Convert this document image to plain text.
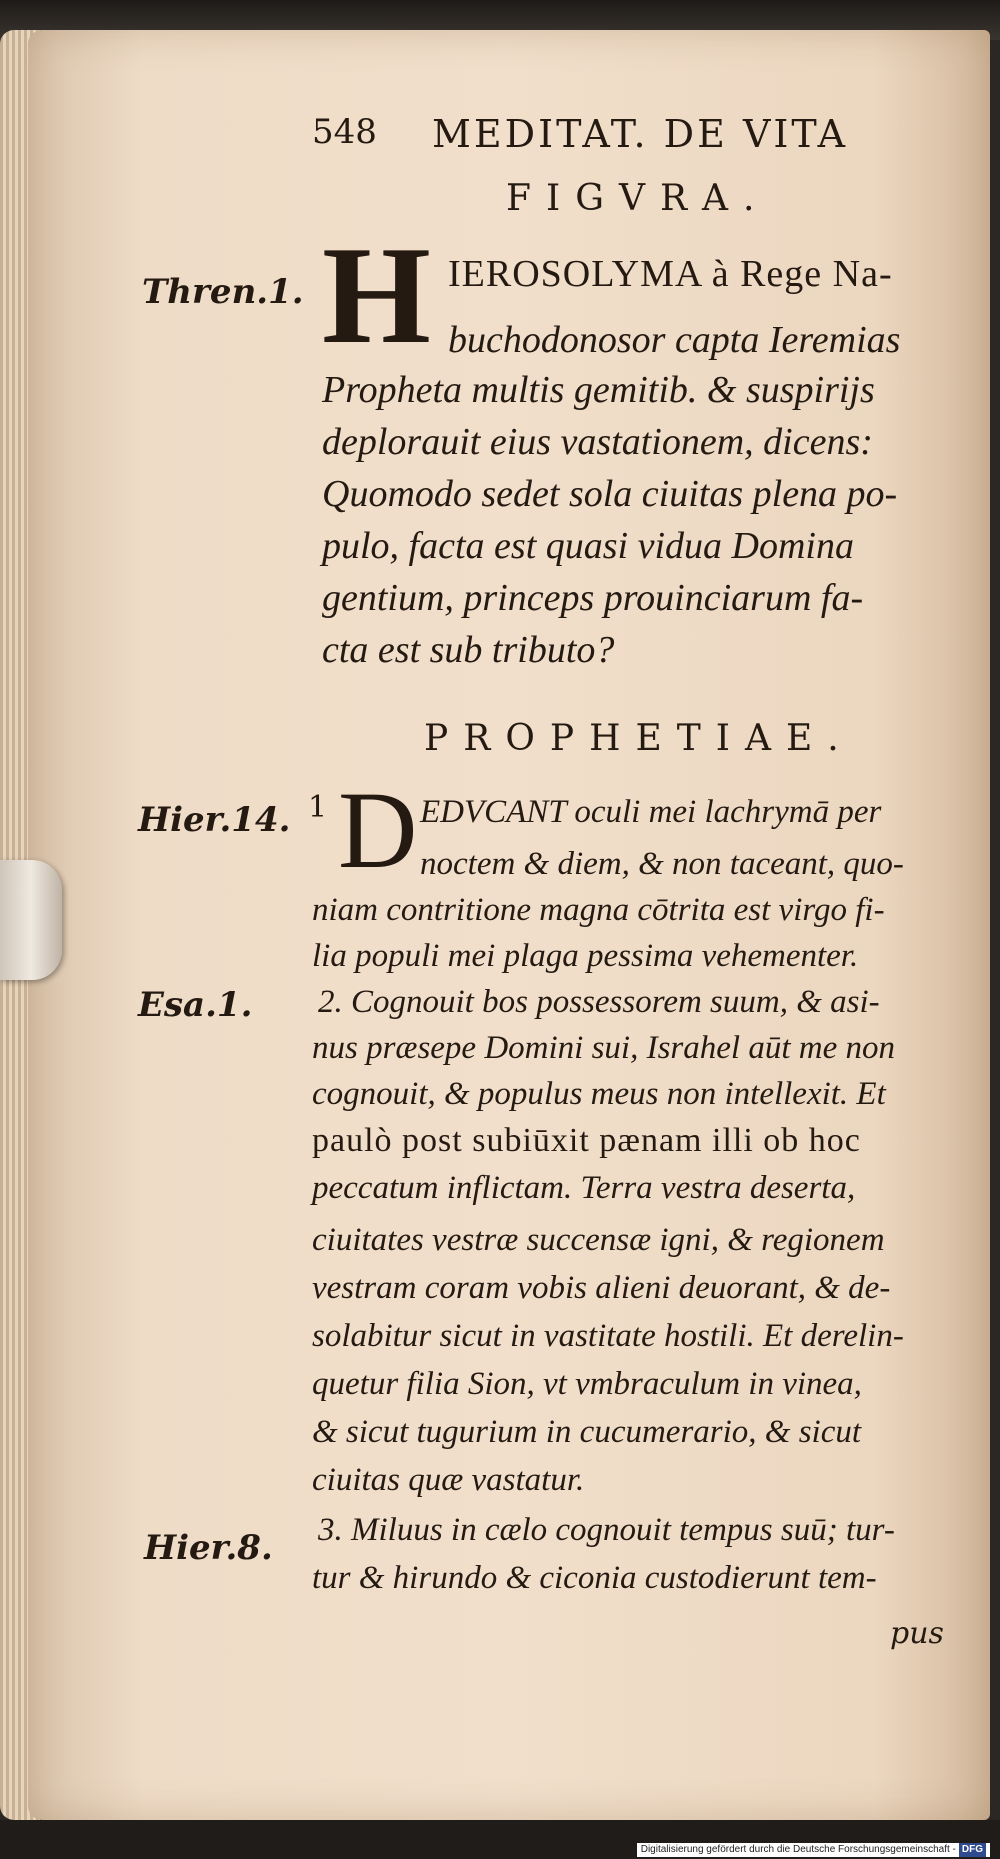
548 MEDITAT. DE VITA
FIGVRA.
Thren.1.
Hier.14.
Esa.1.
Hier.8.
H IEROSOLYMA à Rege Na-
buchodonosor capta Ieremias
Propheta multis gemitib. & suspirijs
deplorauit eius vastationem, dicens:
Quomodo sedet sola ciuitas plena po-
pulo, facta est quasi vidua Domina
gentium, princeps prouinciarum fa-
cta est sub tributo?
PROPHETIAE.
1 D EDVCANT oculi mei lachrymā per
noctem & diem, & non taceant, quo-
niam contritione magna cōtrita est virgo fi-
lia populi mei plaga pessima vehementer.
2. Cognouit bos possessorem suum, & asi-
nus præsepe Domini sui, Israhel aūt me non
cognouit, & populus meus non intellexit. Et
paulò post subiūxit pænam illi ob hoc
peccatum inflictam. Terra vestra deserta,
ciuitates vestræ succensæ igni, & regionem
vestram coram vobis alieni deuorant, & de-
solabitur sicut in vastitate hostili. Et derelin-
quetur filia Sion, vt vmbraculum in vinea,
& sicut tugurium in cucumerario, & sicut
ciuitas quæ vastatur.
3. Miluus in cælo cognouit tempus suū; tur-
tur & hirundo & ciconia custodierunt tem-
pus
Digitalisierung gefördert durch die Deutsche Forschungsgemeinschaft - DFG
